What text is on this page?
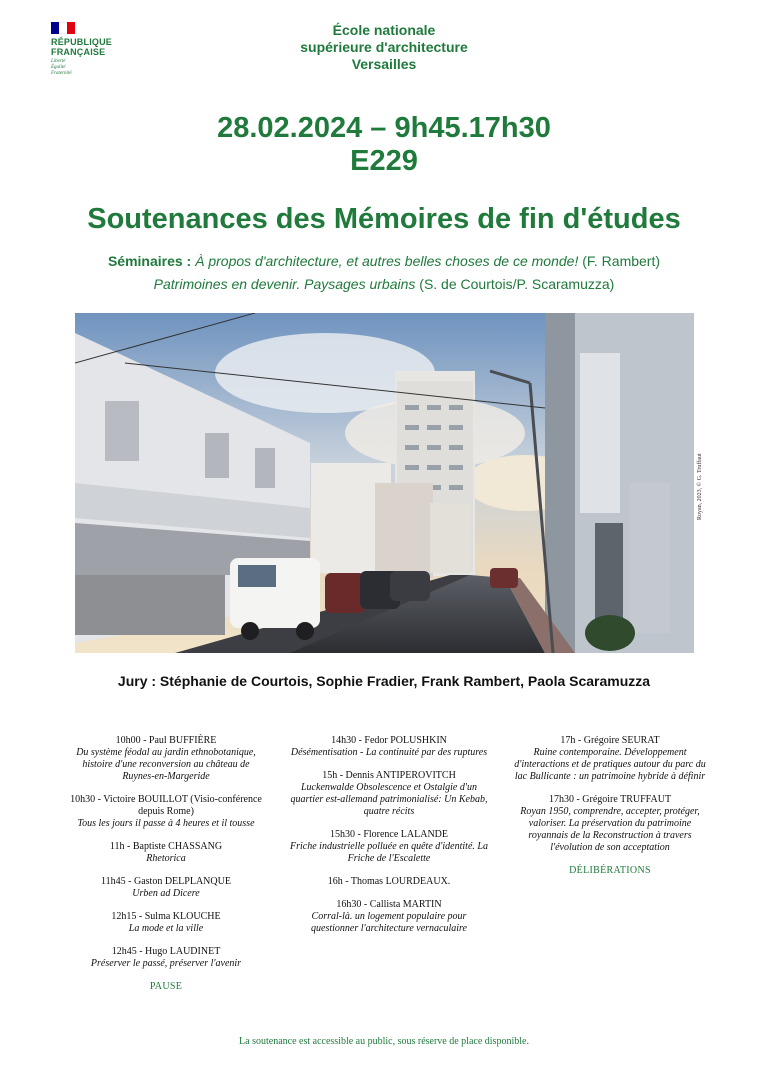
RÉPUBLIQUE
FRANÇAISE
Liberté
Égalité
Fraternité
École nationale
supérieure d'architecture
Versailles
28.02.2024 – 9h45.17h30
E229
Soutenances des Mémoires de fin d'études
Séminaires : À propos d'architecture, et autres belles choses de ce monde! (F. Rambert)
Patrimoines en devenir. Paysages urbains (S. de Courtois/P. Scaramuzza)
Royan, 2023, © G. Truffaut
Jury : Stéphanie de Courtois, Sophie Fradier, Frank Rambert, Paola Scaramuzza
10h00 - Paul BUFFIÈRE
Du système féodal au jardin ethnobotanique, histoire d'une reconversion au château de Ruynes-en-Margeride
10h30 - Victoire BOUILLOT (Visio-conférence depuis Rome)
Tous les jours il passe à 4 heures et il tousse
11h - Baptiste CHASSANG
Rhetorica
11h45 - Gaston DELPLANQUE
Urben ad Dicere
12h15 - Sulma KLOUCHE
La mode et la ville
12h45 - Hugo LAUDINET
Préserver le passé, préserver l'avenir
PAUSE
14h30 - Fedor POLUSHKIN
Désémentisation - La continuité par des ruptures
15h - Dennis ANTIPEROVITCH
Luckenwalde Obsolescence et Ostalgie d'un quartier est-allemand patrimonialisé: Un Kebab, quatre récits
15h30 - Florence LALANDE
Friche industrielle polluée en quête d'identité. La Friche de l'Escalette
16h - Thomas LOURDEAUX.
16h30 - Callista MARTIN
Corral-là. un logement populaire pour questionner l'architecture vernaculaire
17h - Grégoire SEURAT
Ruine contemporaine. Développement d'interactions et de pratiques autour du parc du lac Bullicante : un patrimoine hybride à définir
17h30 - Grégoire TRUFFAUT
Royan 1950, comprendre, accepter, protéger, valoriser. La préservation du patrimoine royannais de la Reconstruction à travers l'évolution de son acceptation
DÉLIBÉRATIONS
La soutenance est accessible au public, sous réserve de place disponible.
